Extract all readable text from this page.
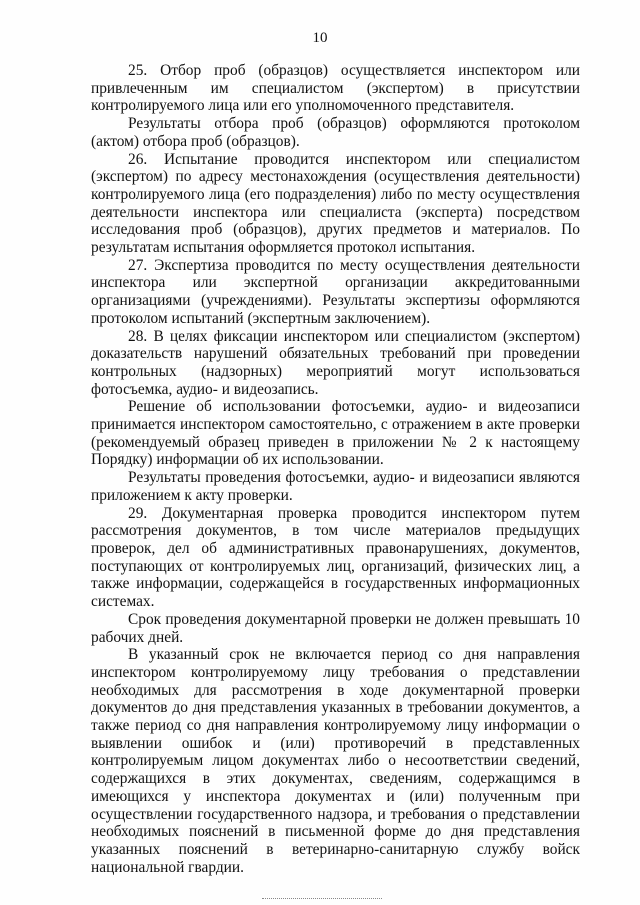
10

25. Отбор проб (образцов) осуществляется инспектором или привлеченным им специалистом (экспертом) в присутствии контролируемого лица или его уполномоченного представителя.

Результаты отбора проб (образцов) оформляются протоколом (актом) отбора проб (образцов).

26. Испытание проводится инспектором или специалистом (экспертом) по адресу местонахождения (осуществления деятельности) контролируемого лица (его подразделения) либо по месту осуществления деятельности инспектора или специалиста (эксперта) посредством исследования проб (образцов), других предметов и материалов. По результатам испытания оформляется протокол испытания.

27. Экспертиза проводится по месту осуществления деятельности инспектора или экспертной организации аккредитованными организациями (учреждениями). Результаты экспертизы оформляются протоколом испытаний (экспертным заключением).

28. В целях фиксации инспектором или специалистом (экспертом) доказательств нарушений обязательных требований при проведении контрольных (надзорных) мероприятий могут использоваться фотосъемка, аудио- и видеозапись.

Решение об использовании фотосъемки, аудио- и видеозаписи принимается инспектором самостоятельно, с отражением в акте проверки (рекомендуемый образец приведен в приложении № 2 к настоящему Порядку) информации об их использовании.

Результаты проведения фотосъемки, аудио- и видеозаписи являются приложением к акту проверки.

29. Документарная проверка проводится инспектором путем рассмотрения документов, в том числе материалов предыдущих проверок, дел об административных правонарушениях, документов, поступающих от контролируемых лиц, организаций, физических лиц, а также информации, содержащейся в государственных информационных системах.

Срок проведения документарной проверки не должен превышать 10 рабочих дней.

В указанный срок не включается период со дня направления инспектором контролируемому лицу требования о представлении необходимых для рассмотрения в ходе документарной проверки документов до дня представления указанных в требовании документов, а также период со дня направления контролируемому лицу информации о выявлении ошибок и (или) противоречий в представленных контролируемым лицом документах либо о несоответствии сведений, содержащихся в этих документах, сведениям, содержащимся в имеющихся у инспектора документах и (или) полученным при осуществлении государственного надзора, и требования о представлении необходимых пояснений в письменной форме до дня представления указанных пояснений в ветеринарно-санитарную службу войск национальной гвардии.
